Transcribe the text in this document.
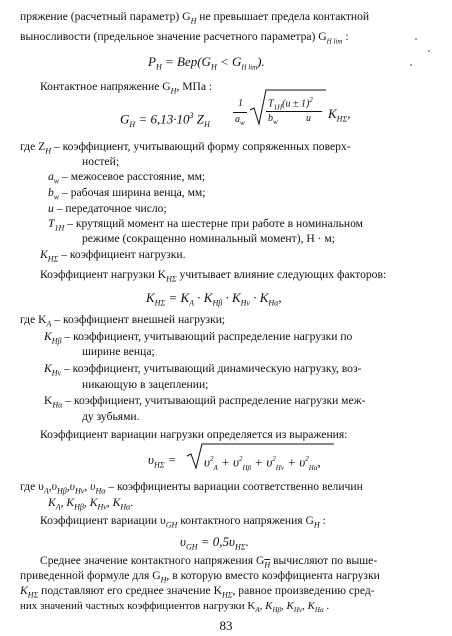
пряжение (расчетный параметр) $G_H$ не превышает предела контактной
выносливости (предельное значение расчетного параметра) $G_{H lim}$ :
$P_H = Bep(G_H < G_{H lim})$.
Контактное напряжение $G_H$, МПа :
$G_H = 6,13\cdot 10^3$ $Z_H$
1
$a_w$
$T_{1H}(u \pm 1)^2$
$b_w$	u $K_{H\Sigma}$,
где $Z_H$ – коэффициент, учитывающий форму сопряженных поверх-
ностей;
$a_w$ – межосевое расстояние, мм;
$b_w$ – рабочая ширина венца, мм;
u – передаточное число;
$T_{1H}$ – крутящий момент на шестерне при работе в номинальном
режиме (сокращенно номинальный момент), Н · м;
$K_{H\Sigma}$ – коэффициент нагрузки.
Коэффициент нагрузки $K_{H\Sigma}$ учитывает влияние следующих факторов:
$K_{H\Sigma} = K_A \cdot K_{H\beta} \cdot K_{Hv} \cdot K_{H\alpha}$,
где $K_A$ – коэффициент внешней нагрузки;
$K_{H\beta}$ – коэффициент, учитывающий распределение нагрузки по
ширине венца;
$K_{Hv}$ – коэффициент, учитывающий динамическую нагрузку, воз-
никающую в зацеплении;
$K_{H\alpha}$ – коэффициент, учитывающий распределение нагрузки меж-
ду зубьями.
Коэффициент вариации нагрузки определяется из выражения:
$\upsilon_{H\Sigma} = \upsilon^2_A + \upsilon^2_{H\beta} + \upsilon^2_{Hv} + \upsilon^2_{H\alpha}$,
где $\upsilon_A,\upsilon_{H\beta},\upsilon_{Hv}$, $\upsilon_{H\alpha}$ – коэффициенты вариации соответственно величин
$K_A$, $K_{H\beta}$, $K_{Hv}$, $K_{H\alpha}$.
Коэффициент вариации $\upsilon_{GH}$ контактного напряжения $G_H$ :
$\upsilon_{GH} = 0,5\upsilon_{H\Sigma}$.
Среднее значение контактного напряжения $G_{\overline{H}}$ вычисляют по выше-
приведенной формуле для $G_H$, в которую вместо коэффициента нагрузки
$K_{H\Sigma}$ подставляют его среднее значение $K_{H\Sigma}$, равное произведению сред-
них значений частных коэффициентов нагрузки $K_A$, $K_{H\beta}$, $K_{Hv}$, $K_{H\alpha}$ .
83
